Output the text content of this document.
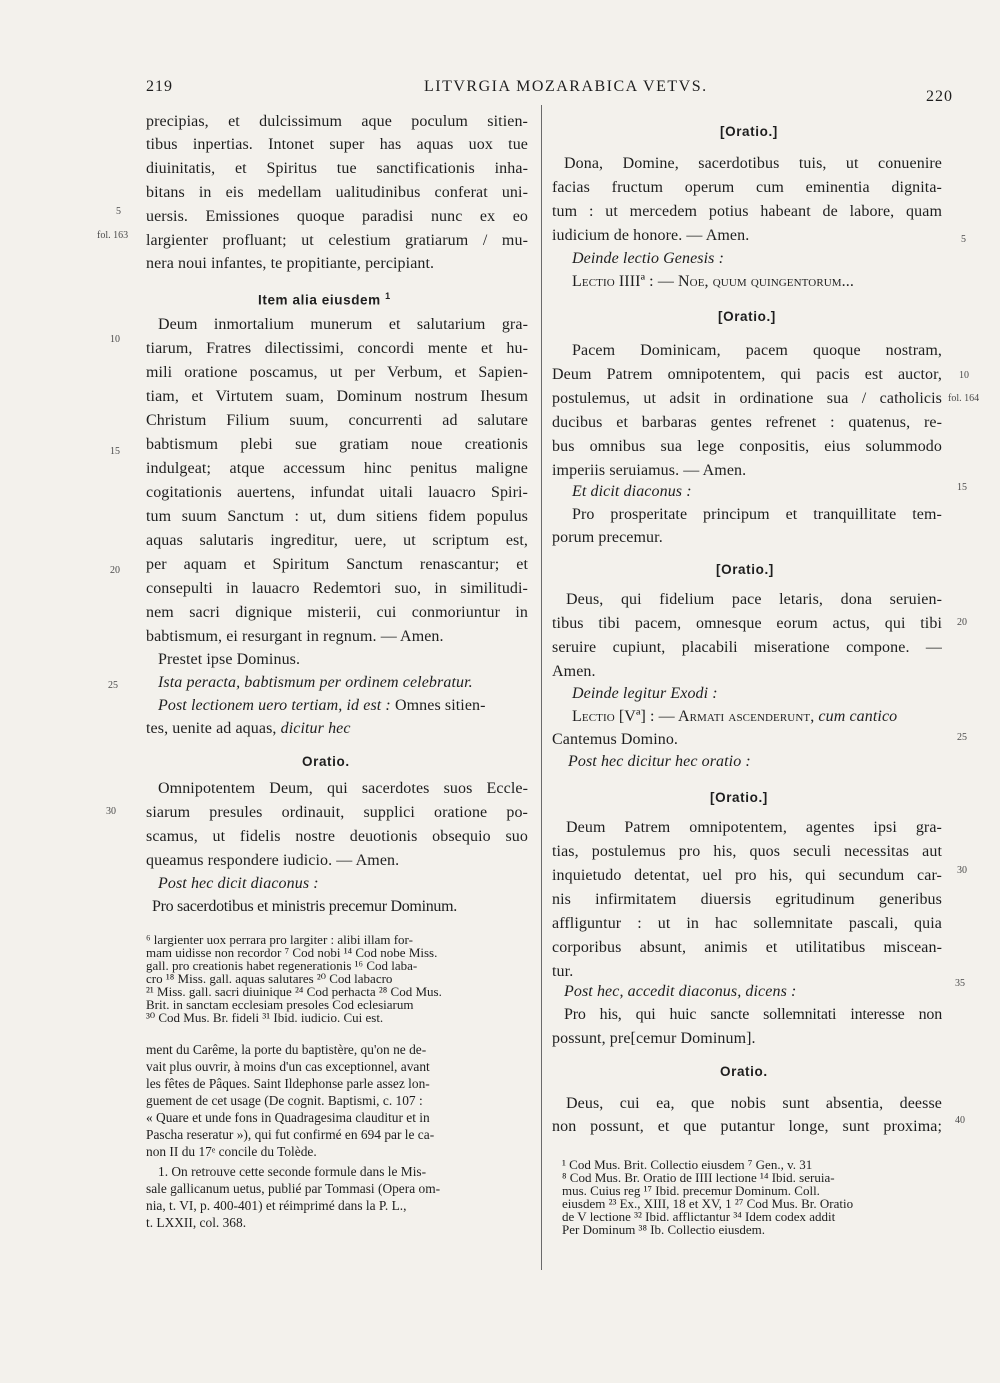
219	LITVRGIA MOZARABICA VETVS.
220
precipias, et dulcissimum aque poculum sitien-
tibus inpertias. Intonet super has aquas uox tue
diuinitatis, et Spiritus tue sanctificationis inha-
bitans in eis medellam ualitudinibus conferat uni-
uersis. Emissiones quoque paradisi nunc ex eo
largienter profluant; ut celestium gratiarum / mu-
nera noui infantes, te propitiante, percipiant.
Item alia eiusdem $^1$
Deum inmortalium munerum et salutarium gra-
tiarum, Fratres dilectissimi, concordi mente et hu-
mili oratione poscamus, ut per Verbum, et Sapien-
tiam, et Virtutem suam, Dominum nostrum Ihesum
Christum Filium suum, concurrenti ad salutare
babtismum plebi sue gratiam noue creationis
indulgeat; atque accessum hinc penitus maligne
cogitationis auertens, infundat uitali lauacro Spiri-
tum suum Sanctum : ut, dum sitiens fidem populus
aquas salutaris ingreditur, uere, ut scriptum est,
per aquam et Spiritum Sanctum renascantur; et
consepulti in lauacro Redemtori suo, in similitudi-
nem sacri dignique misterii, cui conmoriuntur in
babtismum, ei resurgant in regnum. — Amen.
Prestet ipse Dominus.
Ista peracta, babtismum per ordinem celebratur.
Post lectionem uero tertiam, id est : Omnes sitien-
tes, uenite ad aquas, dicitur hec
Oratio.
Omnipotentem Deum, qui sacerdotes suos Eccle-
siarum presules ordinauit, supplici oratione po-
scamus, ut fidelis nostre deuotionis obsequio suo
queamus respondere iudicio. — Amen.
Post hec dicit diaconus :
Pro sacerdotibus et ministris precemur Dominum.
⁶ largienter uox perrara pro largiter : alibi illam for-
mam uidisse non recordor ⁷ Cod nobi ¹⁴ Cod nobe Miss.
gall. pro creationis habet regenerationis ¹⁶ Cod laba-
cro ¹⁸ Miss. gall. aquas salutares ²⁰ Cod labacro
²¹ Miss. gall. sacri diuinique ²⁴ Cod perhacta ²⁸ Cod Mus.
Brit. in sanctam ecclesiam presoles Cod eclesiarum
³⁰ Cod Mus. Br. fideli ³¹ Ibid. iudicio. Cui est.
ment du Carême, la porte du baptistère, qu'on ne de-
vait plus ouvrir, à moins d'un cas exceptionnel, avant
les fêtes de Pâques. Saint Ildephonse parle assez lon-
guement de cet usage (De cognit. Baptismi, c. 107 :
« Quare et unde fons in Quadragesima clauditur et in
Pascha reseratur »), qui fut confirmé en 694 par le ca-
non II du 17ᵉ concile du Tolède.
1. On retrouve cette seconde formule dans le Mis-
sale gallicanum uetus, publié par Tommasi (Opera om-
nia, t. VI, p. 400-401) et réimprimé dans la P. L.,
t. LXXII, col. 368.
5
fol. 163
10
15
20
25
30
[Oratio.]
Dona, Domine, sacerdotibus tuis, ut conuenire
facias fructum operum cum eminentia dignita-
tum : ut mercedem potius habeant de labore, quam
iudicium de honore. — Amen.
Deinde lectio Genesis :
Lectio IIIIª : — Noe, quum quingentorum...
[Oratio.]
Pacem Dominicam, pacem quoque nostram,
Deum Patrem omnipotentem, qui pacis est auctor,
postulemus, ut adsit in ordinatione sua / catholicis
ducibus et barbaras gentes refrenet : quatenus, re-
bus omnibus sua lege conpositis, eius solummodo
imperiis seruiamus. — Amen.
Et dicit diaconus :
Pro prosperitate principum et tranquillitate tem-
porum precemur.
[Oratio.]
Deus, qui fidelium pace letaris, dona seruien-
tibus tibi pacem, omnesque eorum actus, qui tibi
seruire cupiunt, placabili miseratione compone. —
Amen.
Deinde legitur Exodi :
Lectio [Vª] : — Armati ascenderunt, cum cantico
Cantemus Domino.
Post hec dicitur hec oratio :
[Oratio.]
Deum Patrem omnipotentem, agentes ipsi gra-
tias, postulemus pro his, quos seculi necessitas aut
inquietudo detentat, uel pro his, qui secundum car-
nis infirmitatem diuersis egritudinum generibus
affliguntur : ut in hac sollemnitate pascali, quia
corporibus absunt, animis et utilitatibus miscean-
tur.
Post hec, accedit diaconus, dicens :
Pro his, qui huic sancte sollemnitati interesse non
possunt, pre[cemur Dominum].
Oratio.
Deus, cui ea, que nobis sunt absentia, deesse
non possunt, et que putantur longe, sunt proxima;
¹ Cod Mus. Brit. Collectio eiusdem ⁷ Gen., v. 31
⁸ Cod Mus. Br. Oratio de IIII lectione ¹⁴ Ibid. seruia-
mus. Cuius reg ¹⁷ Ibid. precemur Dominum. Coll.
eiusdem ²³ Ex., XIII, 18 et XV, 1 ²⁷ Cod Mus. Br. Oratio
de V lectione ³² Ibid. afflictantur ³⁴ Idem codex addit
Per Dominum ³⁸ Ib. Collectio eiusdem.
5
10
fol. 164
15
20
25
30
35
40
